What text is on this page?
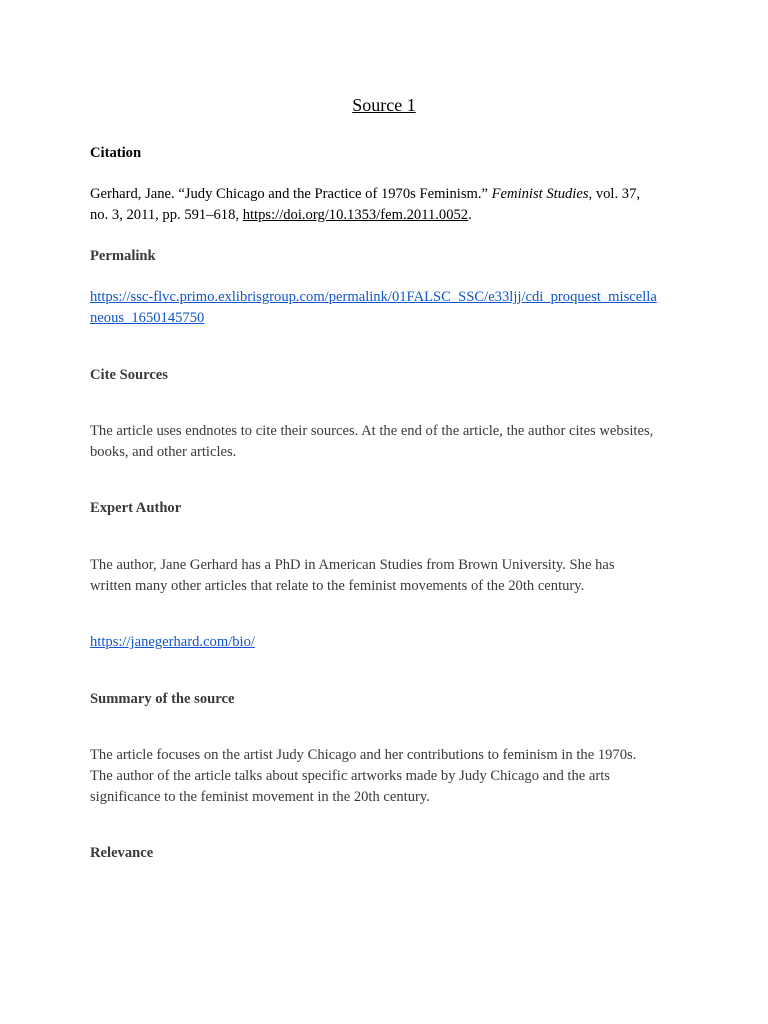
Source 1
Citation
Gerhard, Jane. “Judy Chicago and the Practice of 1970s Feminism.” Feminist Studies, vol. 37,
no. 3, 2011, pp. 591–618, https://doi.org/10.1353/fem.2011.0052.
Permalink
https://ssc-flvc.primo.exlibrisgroup.com/permalink/01FALSC_SSC/e33ljj/cdi_proquest_miscella
neous_1650145750
Cite Sources
The article uses endnotes to cite their sources. At the end of the article, the author cites websites,
books, and other articles.
Expert Author
The author, Jane Gerhard has a PhD in American Studies from Brown University. She has
written many other articles that relate to the feminist movements of the 20th century.
https://janegerhard.com/bio/
Summary of the source
The article focuses on the artist Judy Chicago and her contributions to feminism in the 1970s.
The author of the article talks about specific artworks made by Judy Chicago and the arts
significance to the feminist movement in the 20th century.
Relevance
